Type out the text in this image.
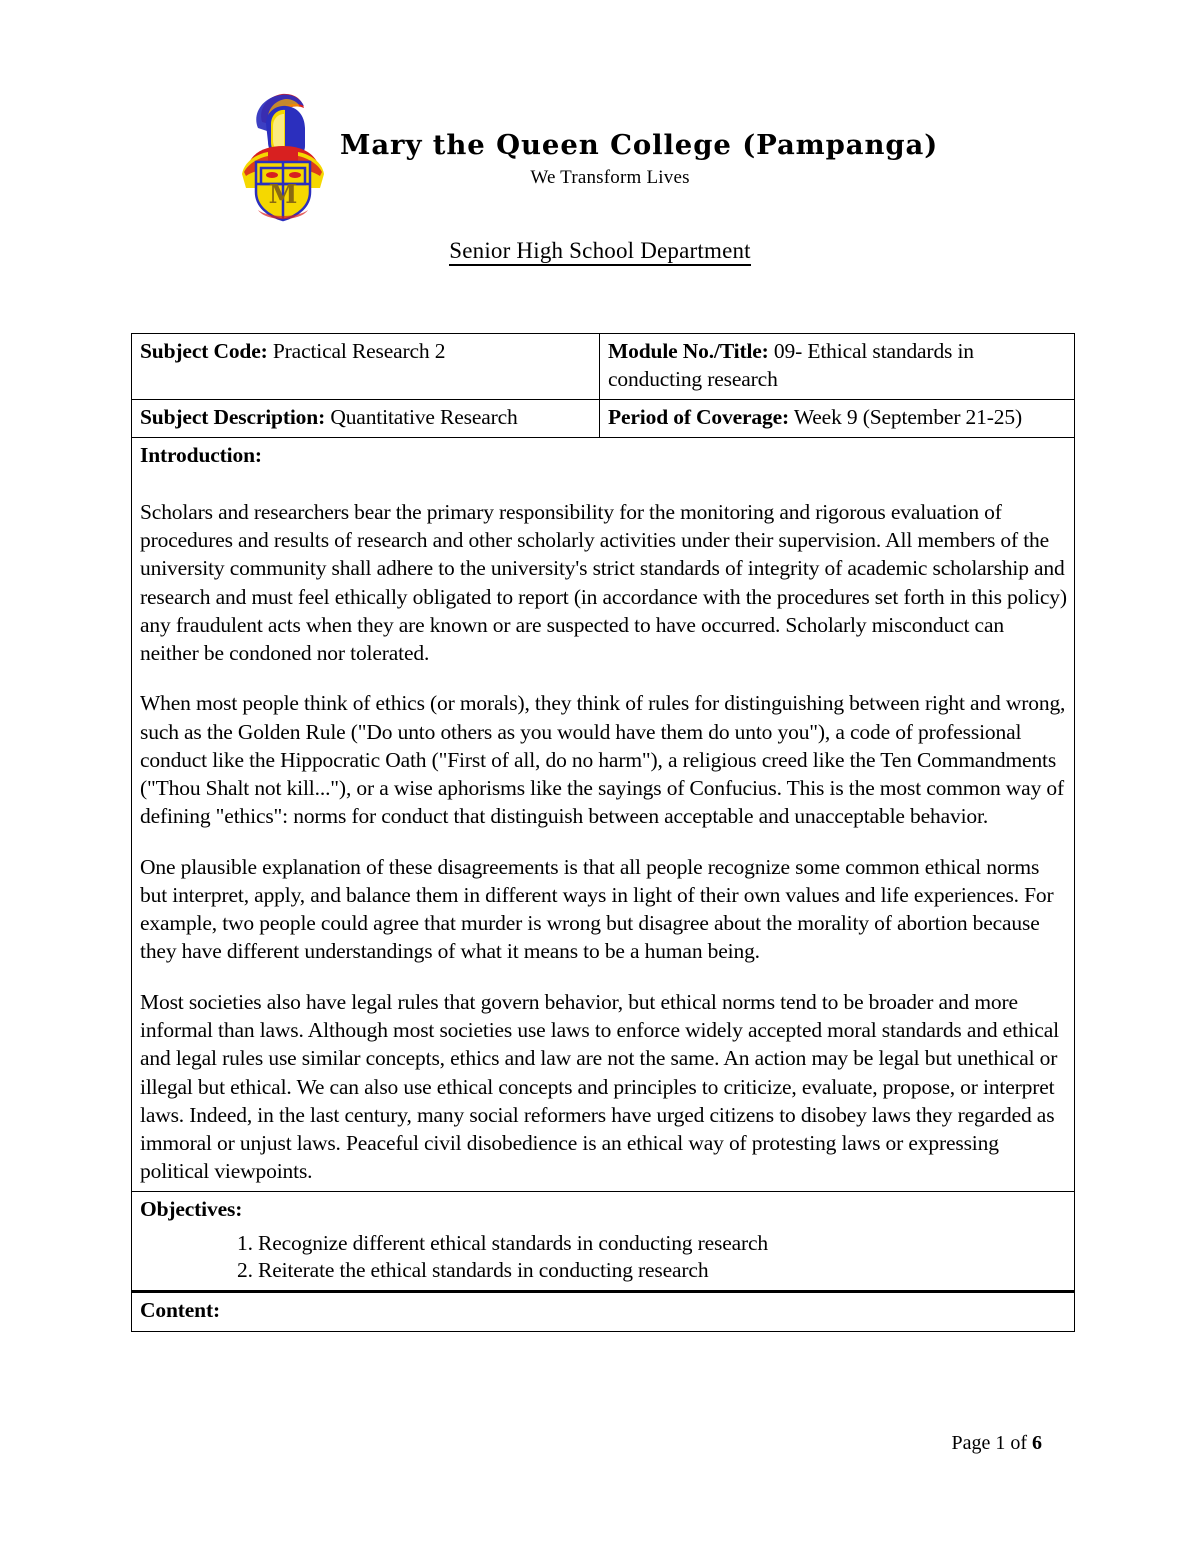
M
Mary the Queen College (Pampanga)
We Transform Lives
Senior High School Department
Subject Code: Practical Research 2	Module No./Title: 09- Ethical standards in conducting research
Subject Description: Quantitative Research	Period of Coverage: Week 9 (September 21-25)

Introduction:

Scholars and researchers bear the primary responsibility for the monitoring and rigorous evaluation of procedures and results of research and other scholarly activities under their supervision. All members of the university community shall adhere to the university's strict standards of integrity of academic scholarship and research and must feel ethically obligated to report (in accordance with the procedures set forth in this policy) any fraudulent acts when they are known or are suspected to have occurred. Scholarly misconduct can neither be condoned nor tolerated.

When most people think of ethics (or morals), they think of rules for distinguishing between right and wrong, such as the Golden Rule ("Do unto others as you would have them do unto you"), a code of professional conduct like the Hippocratic Oath ("First of all, do no harm"), a religious creed like the Ten Commandments ("Thou Shalt not kill..."), or a wise aphorisms like the sayings of Confucius. This is the most common way of defining "ethics": norms for conduct that distinguish between acceptable and unacceptable behavior.

One plausible explanation of these disagreements is that all people recognize some common ethical norms but interpret, apply, and balance them in different ways in light of their own values and life experiences. For example, two people could agree that murder is wrong but disagree about the morality of abortion because they have different understandings of what it means to be a human being.

Most societies also have legal rules that govern behavior, but ethical norms tend to be broader and more informal than laws. Although most societies use laws to enforce widely accepted moral standards and ethical and legal rules use similar concepts, ethics and law are not the same. An action may be legal but unethical or illegal but ethical. We can also use ethical concepts and principles to criticize, evaluate, propose, or interpret laws. Indeed, in the last century, many social reformers have urged citizens to disobey laws they regarded as immoral or unjust laws. Peaceful civil disobedience is an ethical way of protesting laws or expressing political viewpoints.	

Objectives:
1. Recognize different ethical standards in conducting research
2. Reiterate the ethical standards in conducting research

Content:	
Page 1 of 6
